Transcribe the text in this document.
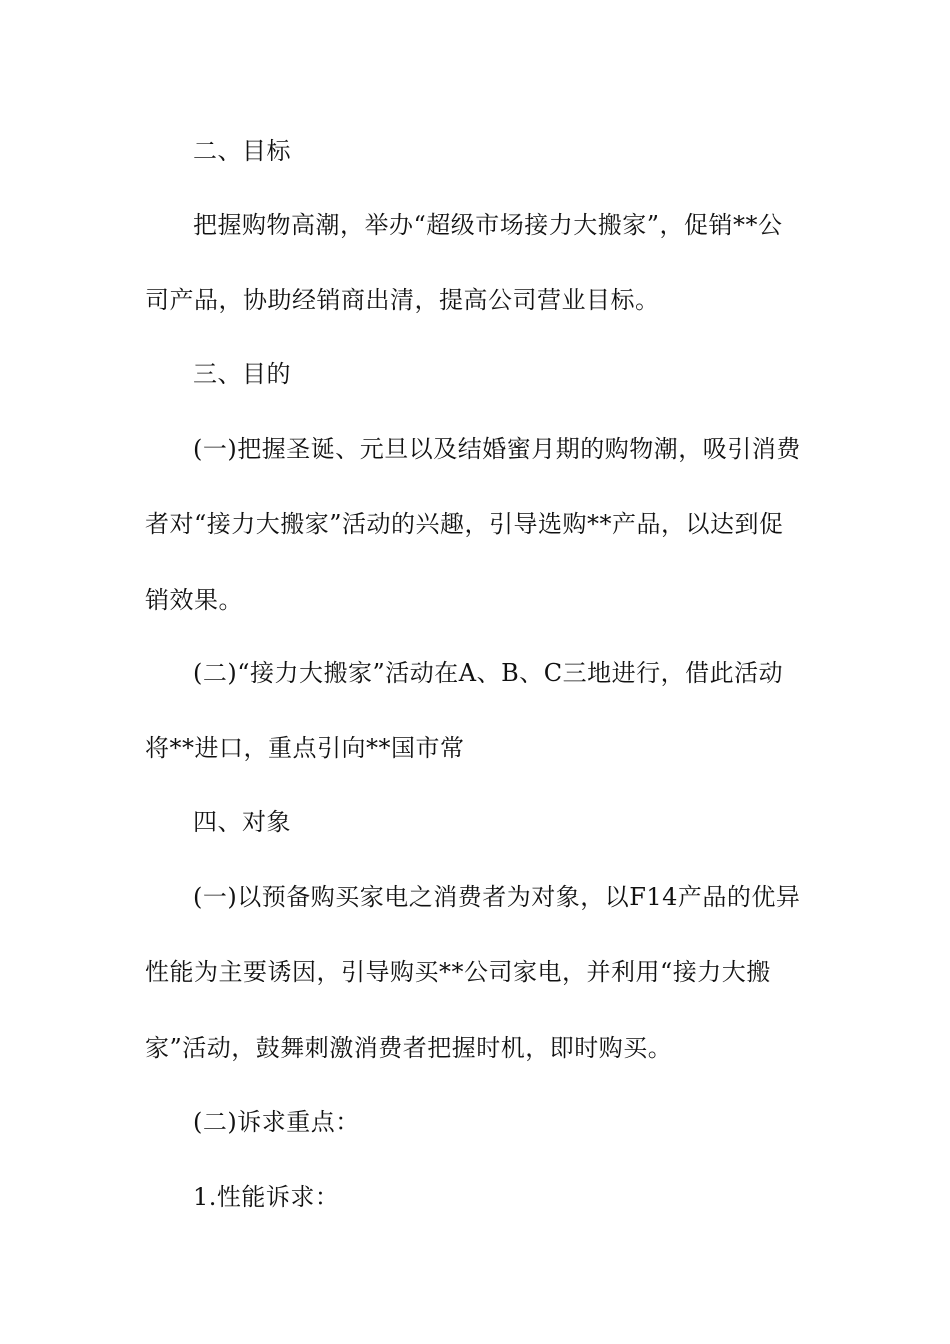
二、目标
把握购物高潮，举办“超级市场接力大搬家”，促销**公
司产品，协助经销商出清，提高公司营业目标。
三、目的
(一)把握圣诞、元旦以及结婚蜜月期的购物潮，吸引消费
者对“接力大搬家”活动的兴趣，引导选购**产品，以达到促
销效果。
(二)“接力大搬家”活动在A、B、C三地进行，借此活动
将**进口，重点引向**国市常
四、对象
(一)以预备购买家电之消费者为对象，以F14产品的优异
性能为主要诱因，引导购买**公司家电，并利用“接力大搬
家”活动，鼓舞刺激消费者把握时机，即时购买。
(二)诉求重点：
1.性能诉求：
